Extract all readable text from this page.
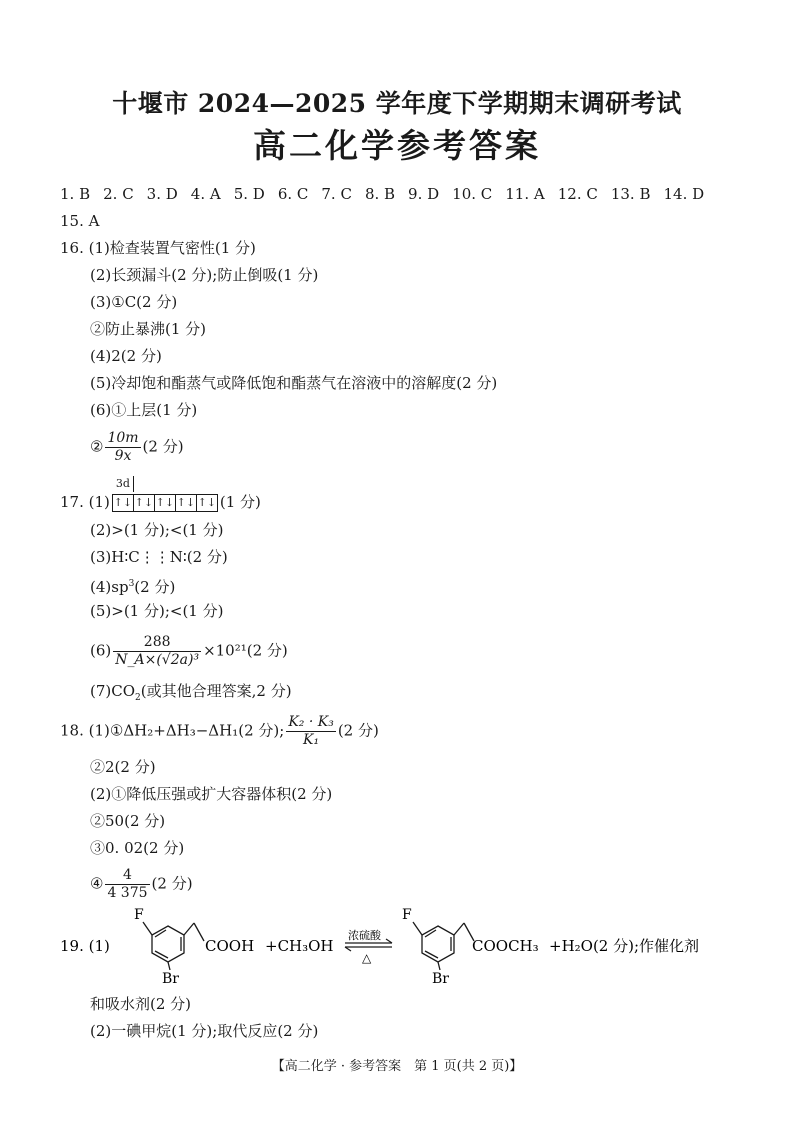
十堰市 2024—2025 学年度下学期期末调研考试
高二化学参考答案
1. B 2. C 3. D 4. A 5. D 6. C 7. C 8. B 9. D 10. C 11. A 12. C 13. B 14. D
15. A
16. (1)检查装置气密性(1 分)
(2)长颈漏斗(2 分);防止倒吸(1 分)
(3)①C(2 分)
②防止暴沸(1 分)
(4)2(2 分)
(5)冷却饱和酯蒸气或降低饱和酯蒸气在溶液中的溶解度(2 分)
(6)①上层(1 分)
② $\frac{10m}{9x} (2$ 分)
17. (1)
3d
↑↓ ↑↓ ↑↓ ↑↓ ↑↓ (1 分)
(2)>(1 分);<(1 分)
(3)H∶C⋮⋮N∶(2 分)
$(4)sp^3(2$ 分)
(5)>(1 分);<(1 分)
$(6) \frac{288}{\text{N\_A×(√2a)³}} \times 10^{21}(2$ 分)
$(7)CO_2$(或其他合理答案,2 分)
18. (1)①ΔH₂+ΔH₃−ΔH₁(2 分); $\frac{\text{K₂ · K₃}}{\text{K₁}} (2$ 分)
②2(2 分)
(2)①降低压强或扩大容器体积(2 分)
②50(2 分)
③0. 02(2 分)
④ $\frac{4}{4 375} (2$ 分)
19. (1)
F
COOH
Br
+CH₃OH
浓硫酸
△
F
COOCH₃
Br
+H₂O(2 分);作催化剂
和吸水剂(2 分)
(2)一碘甲烷(1 分);取代反应(2 分)
【高二化学 · 参考答案　第 1 页(共 2 页)】
